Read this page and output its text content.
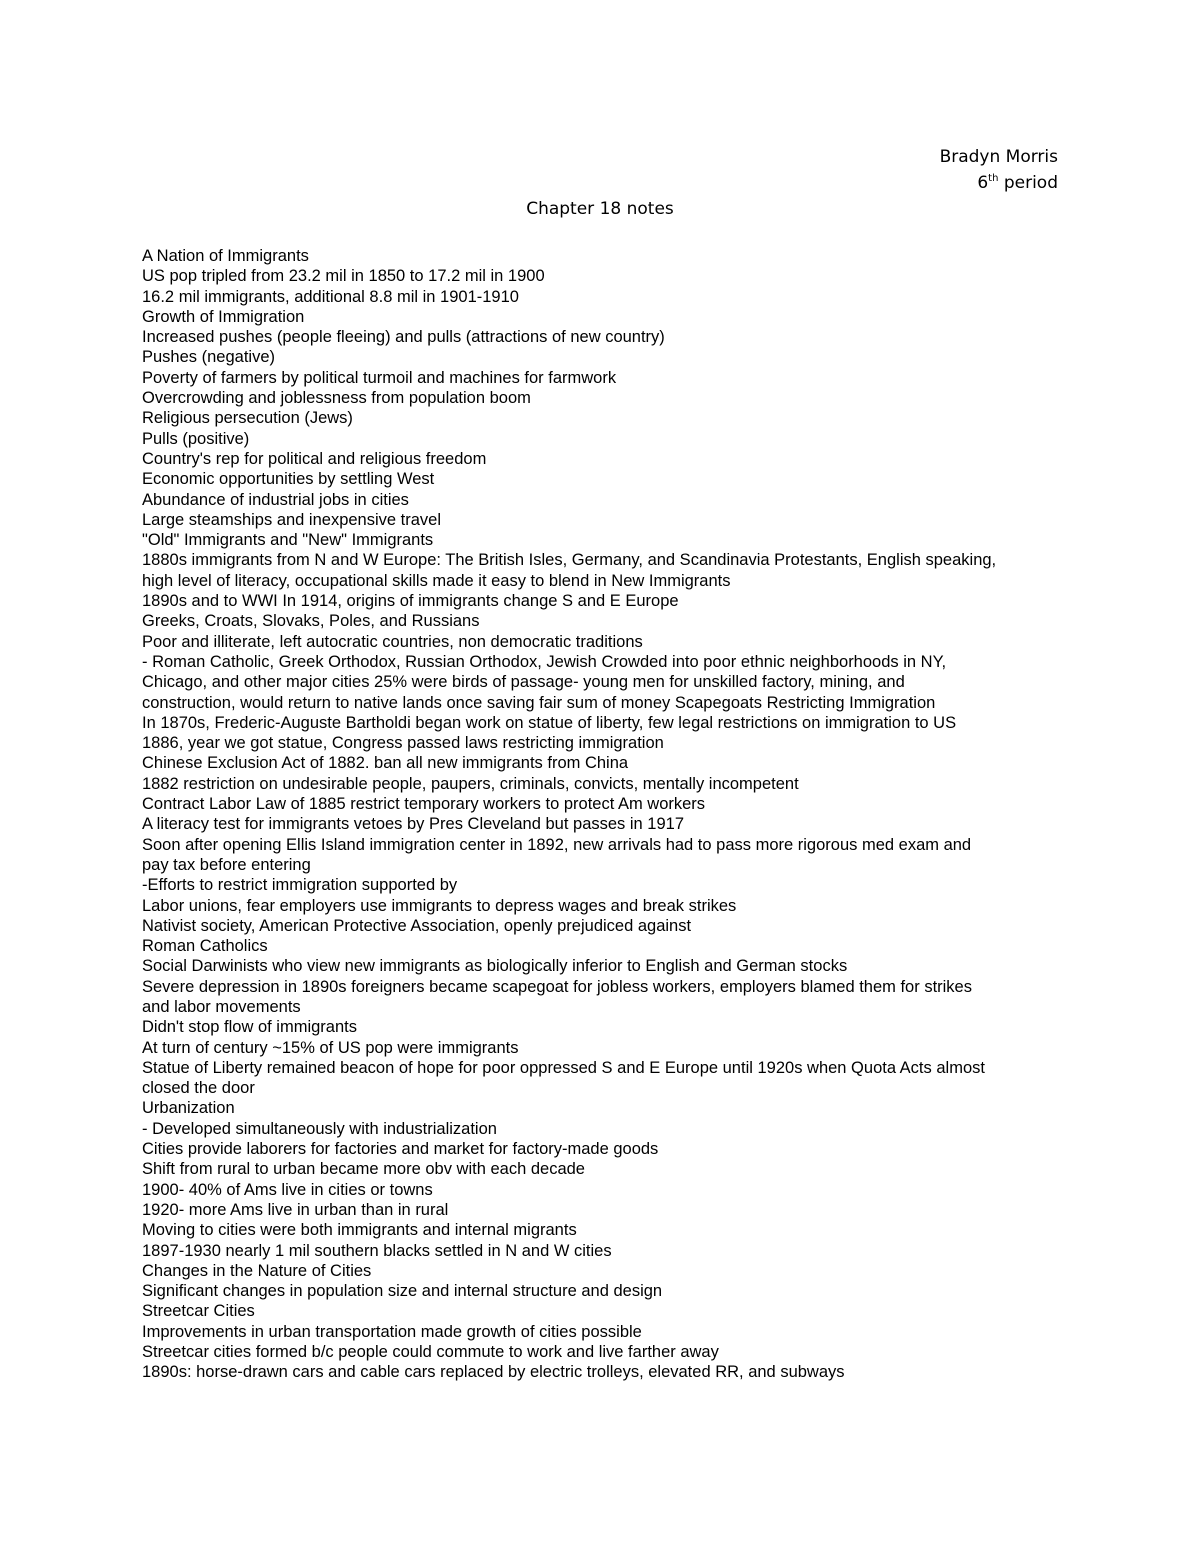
Bradyn Morris
6th period
Chapter 18 notes
A Nation of Immigrants
US pop tripled from 23.2 mil in 1850 to 17.2 mil in 1900
16.2 mil immigrants, additional 8.8 mil in 1901-1910
Growth of Immigration
Increased pushes (people fleeing) and pulls (attractions of new country)
Pushes (negative)
Poverty of farmers by political turmoil and machines for farmwork
Overcrowding and joblessness from population boom
Religious persecution (Jews)
Pulls (positive)
Country's rep for political and religious freedom
Economic opportunities by settling West
Abundance of industrial jobs in cities
Large steamships and inexpensive travel
"Old" Immigrants and "New" Immigrants
1880s immigrants from N and W Europe: The British Isles, Germany, and Scandinavia Protestants, English speaking,
high level of literacy, occupational skills made it easy to blend in New Immigrants
1890s and to WWI In 1914, origins of immigrants change S and E Europe
Greeks, Croats, Slovaks, Poles, and Russians
Poor and illiterate, left autocratic countries, non democratic traditions
- Roman Catholic, Greek Orthodox, Russian Orthodox, Jewish Crowded into poor ethnic neighborhoods in NY,
Chicago, and other major cities 25% were birds of passage- young men for unskilled factory, mining, and
construction, would return to native lands once saving fair sum of money Scapegoats Restricting Immigration
In 1870s, Frederic-Auguste Bartholdi began work on statue of liberty, few legal restrictions on immigration to US
1886, year we got statue, Congress passed laws restricting immigration
Chinese Exclusion Act of 1882. ban all new immigrants from China
1882 restriction on undesirable people, paupers, criminals, convicts, mentally incompetent
Contract Labor Law of 1885 restrict temporary workers to protect Am workers
A literacy test for immigrants vetoes by Pres Cleveland but passes in 1917
Soon after opening Ellis Island immigration center in 1892, new arrivals had to pass more rigorous med exam and
pay tax before entering
-Efforts to restrict immigration supported by
Labor unions, fear employers use immigrants to depress wages and break strikes
Nativist society, American Protective Association, openly prejudiced against
Roman Catholics
Social Darwinists who view new immigrants as biologically inferior to English and German stocks
Severe depression in 1890s foreigners became scapegoat for jobless workers, employers blamed them for strikes
and labor movements
Didn't stop flow of immigrants
At turn of century ~15% of US pop were immigrants
Statue of Liberty remained beacon of hope for poor oppressed S and E Europe until 1920s when Quota Acts almost
closed the door
Urbanization
- Developed simultaneously with industrialization
Cities provide laborers for factories and market for factory-made goods
Shift from rural to urban became more obv with each decade
1900- 40% of Ams live in cities or towns
1920- more Ams live in urban than in rural
Moving to cities were both immigrants and internal migrants
1897-1930 nearly 1 mil southern blacks settled in N and W cities
Changes in the Nature of Cities
Significant changes in population size and internal structure and design
Streetcar Cities
Improvements in urban transportation made growth of cities possible
Streetcar cities formed b/c people could commute to work and live farther away
1890s: horse-drawn cars and cable cars replaced by electric trolleys, elevated RR, and subways
